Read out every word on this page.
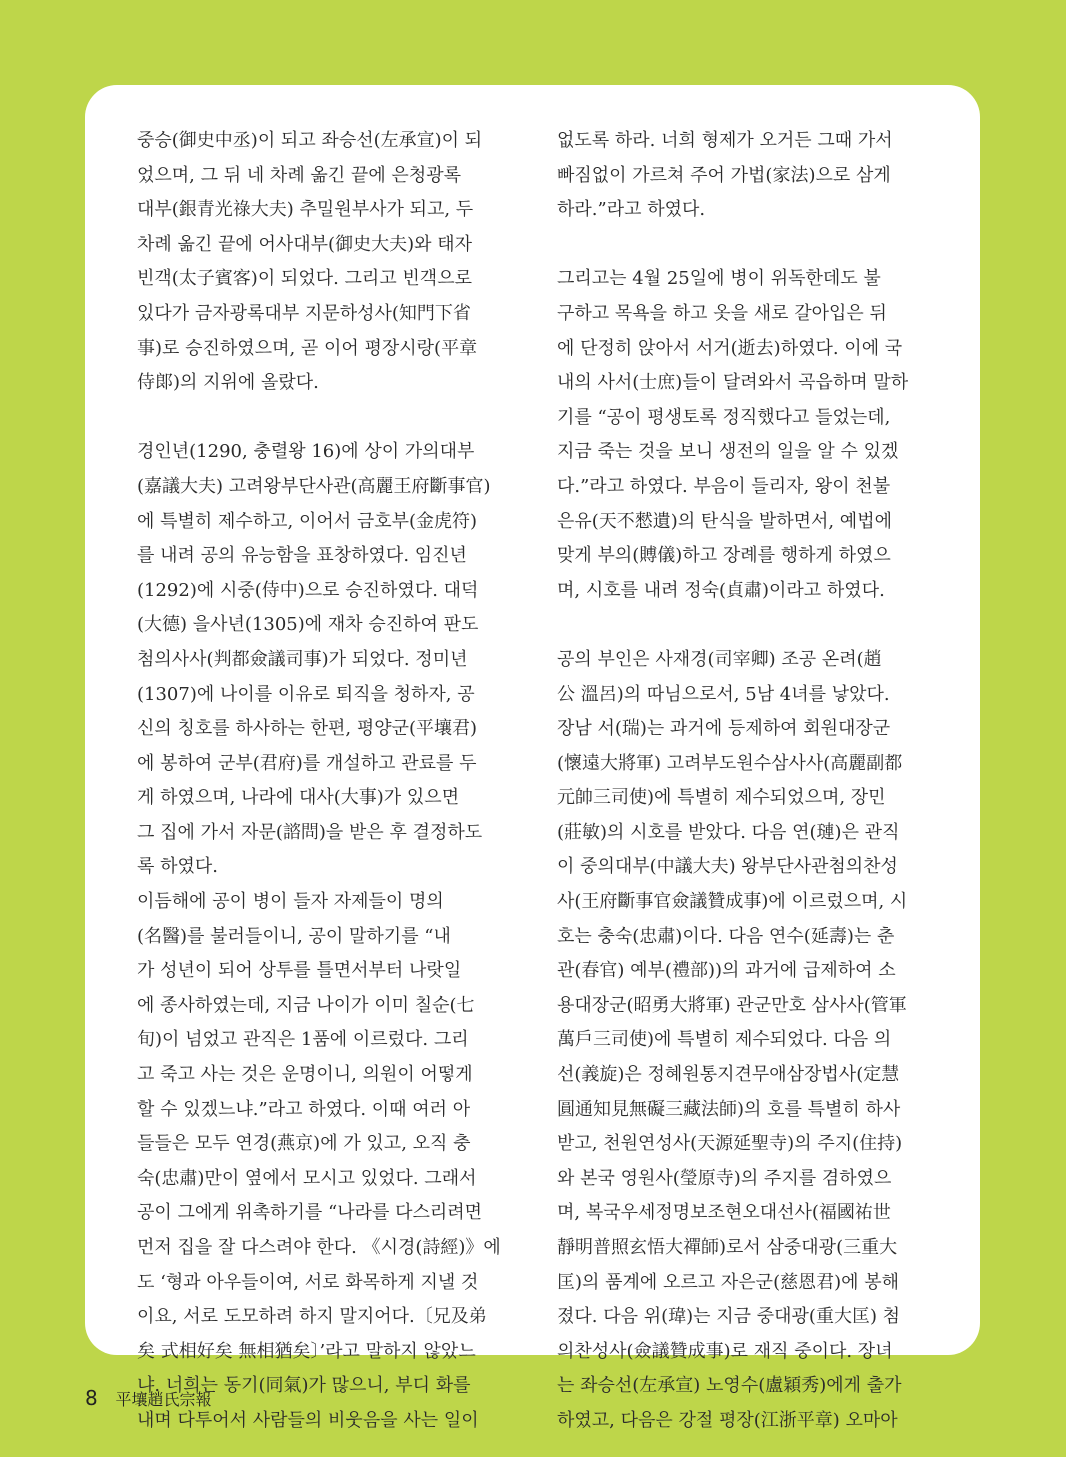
중승(御史中丞)이 되고 좌승선(左承宣)이 되
었으며, 그 뒤 네 차례 옮긴 끝에 은청광록
대부(銀青光祿大夫) 추밀원부사가 되고, 두
차례 옮긴 끝에 어사대부(御史大夫)와 태자
빈객(太子賓客)이 되었다. 그리고 빈객으로
있다가 금자광록대부 지문하성사(知門下省
事)로 승진하였으며, 곧 이어 평장시랑(平章
侍郞)의 지위에 올랐다.
경인년(1290, 충렬왕 16)에 상이 가의대부
(嘉議大夫) 고려왕부단사관(高麗王府斷事官)
에 특별히 제수하고, 이어서 금호부(金虎符)
를 내려 공의 유능함을 표창하였다. 임진년
(1292)에 시중(侍中)으로 승진하였다. 대덕
(大德) 을사년(1305)에 재차 승진하여 판도
첨의사사(判都僉議司事)가 되었다. 정미년
(1307)에 나이를 이유로 퇴직을 청하자, 공
신의 칭호를 하사하는 한편, 평양군(平壤君)
에 봉하여 군부(君府)를 개설하고 관료를 두
게 하였으며, 나라에 대사(大事)가 있으면
그 집에 가서 자문(諮問)을 받은 후 결정하도
록 하였다.
이듬해에 공이 병이 들자 자제들이 명의
(名醫)를 불러들이니, 공이 말하기를 “내
가 성년이 되어 상투를 틀면서부터 나랏일
에 종사하였는데, 지금 나이가 이미 칠순(七
旬)이 넘었고 관직은 1품에 이르렀다. 그리
고 죽고 사는 것은 운명이니, 의원이 어떻게
할 수 있겠느냐.”라고 하였다. 이때 여러 아
들들은 모두 연경(燕京)에 가 있고, 오직 충
숙(忠肅)만이 옆에서 모시고 있었다. 그래서
공이 그에게 위촉하기를 “나라를 다스리려면
먼저 집을 잘 다스려야 한다. 《시경(詩經)》에
도 ‘형과 아우들이여, 서로 화목하게 지낼 것
이요, 서로 도모하려 하지 말지어다.〔兄及弟
矣 式相好矣 無相猶矣〕’라고 말하지 않았느
냐. 너희는 동기(同氣)가 많으니, 부디 화를
내며 다투어서 사람들의 비웃음을 사는 일이
없도록 하라. 너희 형제가 오거든 그때 가서
빠짐없이 가르쳐 주어 가법(家法)으로 삼게
하라.”라고 하였다.
그리고는 4월 25일에 병이 위독한데도 불
구하고 목욕을 하고 옷을 새로 갈아입은 뒤
에 단정히 앉아서 서거(逝去)하였다. 이에 국
내의 사서(士庶)들이 달려와서 곡읍하며 말하
기를 “공이 평생토록 정직했다고 들었는데,
지금 죽는 것을 보니 생전의 일을 알 수 있겠
다.”라고 하였다. 부음이 들리자, 왕이 천불
은유(天不憖遺)의 탄식을 발하면서, 예법에
맞게 부의(賻儀)하고 장례를 행하게 하였으
며, 시호를 내려 정숙(貞肅)이라고 하였다.
공의 부인은 사재경(司宰卿) 조공 온려(趙
公 溫呂)의 따님으로서, 5남 4녀를 낳았다.
장남 서(瑞)는 과거에 등제하여 회원대장군
(懷遠大將軍) 고려부도원수삼사사(高麗副都
元帥三司使)에 특별히 제수되었으며, 장민
(莊敏)의 시호를 받았다. 다음 연(璉)은 관직
이 중의대부(中議大夫) 왕부단사관첨의찬성
사(王府斷事官僉議贊成事)에 이르렀으며, 시
호는 충숙(忠肅)이다. 다음 연수(延壽)는 춘
관(春官) 예부(禮部))의 과거에 급제하여 소
용대장군(昭勇大將軍) 관군만호 삼사사(管軍
萬戶三司使)에 특별히 제수되었다. 다음 의
선(義旋)은 정혜원통지견무애삼장법사(定慧
圓通知見無礙三藏法師)의 호를 특별히 하사
받고, 천원연성사(天源延聖寺)의 주지(住持)
와 본국 영원사(瑩原寺)의 주지를 겸하였으
며, 복국우세정명보조현오대선사(福國祐世
靜明普照玄悟大禪師)로서 삼중대광(三重大
匡)의 품계에 오르고 자은군(慈恩君)에 봉해
졌다. 다음 위(瑋)는 지금 중대광(重大匡) 첨
의찬성사(僉議贊成事)로 재직 중이다. 장녀
는 좌승선(左承宣) 노영수(盧穎秀)에게 출가
하였고, 다음은 강절 평장(江浙平章) 오마아
8 平壤趙氏宗報
